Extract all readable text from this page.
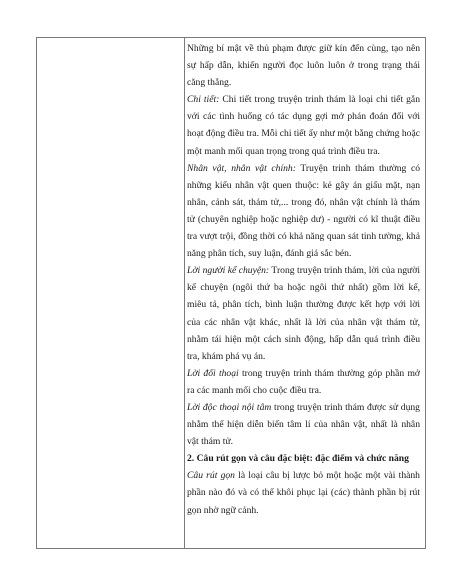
Những bí mật về thủ phạm được giữ kín đến cùng, tạo nên sự hấp dẫn, khiến người đọc luôn luôn ở trong trạng thái căng thẳng.

Chi tiết: Chi tiết trong truyện trinh thám là loại chi tiết gắn với các tình huống có tác dụng gợi mở phán đoán đối với hoạt động điều tra. Mỗi chi tiết ấy như một bằng chứng hoặc một manh mối quan trọng trong quá trình điều tra.

Nhân vật, nhân vật chính: Truyện trinh thám thường có những kiểu nhân vật quen thuộc: kẻ gây án giấu mặt, nạn nhân, cảnh sát, thám tử,... trong đó, nhân vật chính là thám tử (chuyên nghiệp hoặc nghiệp dư) - người có kĩ thuật điều tra vượt trội, đồng thời có khả năng quan sát tinh tường, khả năng phân tích, suy luận, đánh giá sắc bén.

Lời người kể chuyện: Trong truyện trinh thám, lời của người kể chuyện (ngôi thứ ba hoặc ngôi thứ nhất) gồm lời kể, miêu tả, phân tích, bình luận thường được kết hợp với lời của các nhân vật khác, nhất là lời của nhân vật thám tử, nhằm tái hiện một cách sinh động, hấp dẫn quá trình điều tra, khám phá vụ án.

Lời đối thoại trong truyện trinh thám thường góp phần mở ra các manh mối cho cuộc điều tra.

Lời độc thoại nội tâm trong truyện trinh thám được sử dụng nhằm thể hiện diễn biến tâm lí của nhân vật, nhất là nhân vật thám tử.

2. Câu rút gọn và câu đặc biệt: đặc điểm và chức năng

Câu rút gọn là loại câu bị lược bỏ một hoặc một vài thành phần nào đó và có thể khôi phục lại (các) thành phần bị rút gọn nhờ ngữ cảnh.
